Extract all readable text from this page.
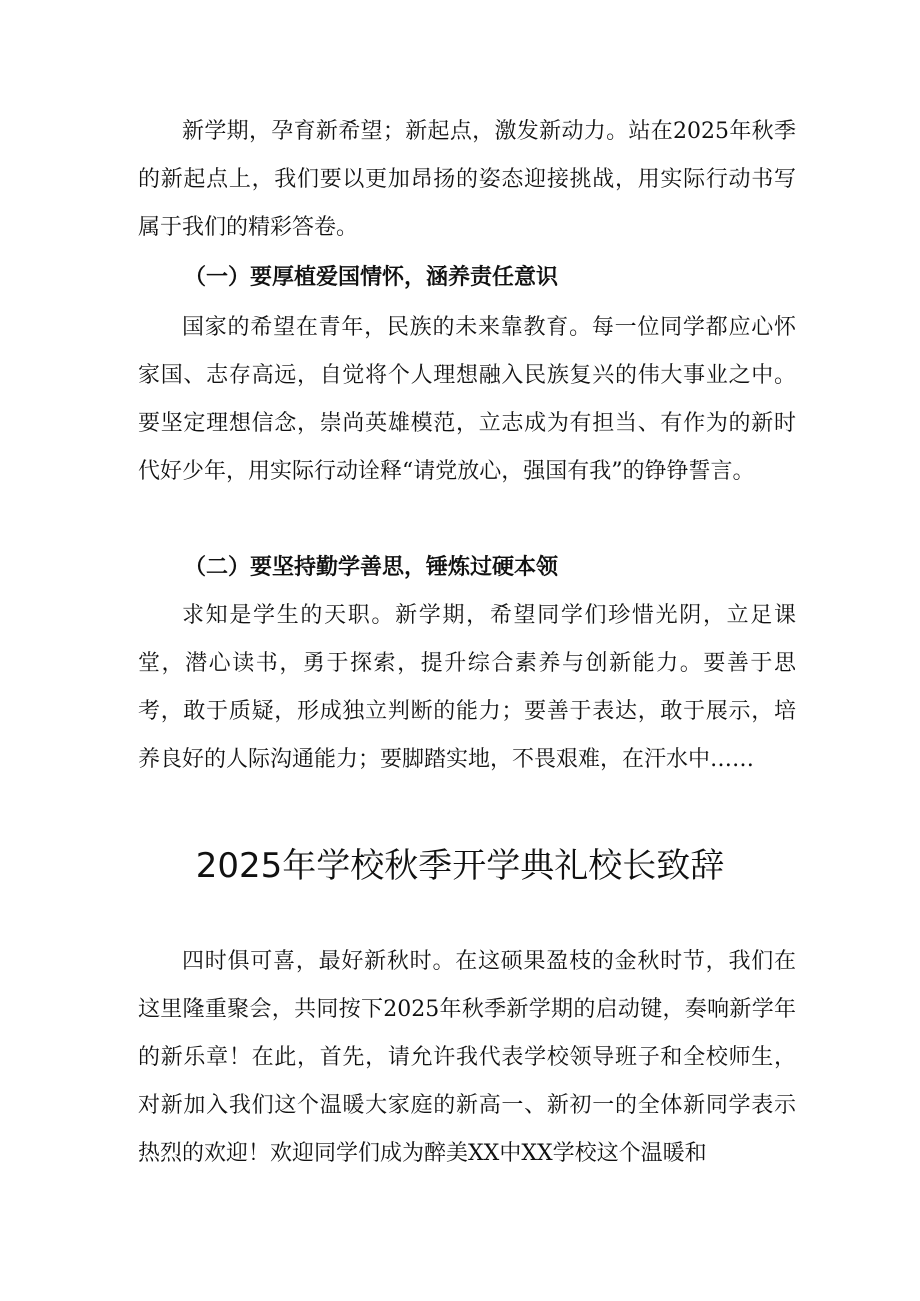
新学期，孕育新希望；新起点，激发新动力。站在2025年秋季的新起点上，我们要以更加昂扬的姿态迎接挑战，用实际行动书写属于我们的精彩答卷。

（一）要厚植爱国情怀，涵养责任意识

国家的希望在青年，民族的未来靠教育。每一位同学都应心怀家国、志存高远，自觉将个人理想融入民族复兴的伟大事业之中。要坚定理想信念，崇尚英雄模范，立志成为有担当、有作为的新时代好少年，用实际行动诠释“请党放心，强国有我”的铮铮誓言。

（二）要坚持勤学善思，锤炼过硬本领

求知是学生的天职。新学期，希望同学们珍惜光阴，立足课堂，潜心读书，勇于探索，提升综合素养与创新能力。要善于思考，敢于质疑，形成独立判断的能力；要善于表达，敢于展示，培养良好的人际沟通能力；要脚踏实地，不畏艰难，在汗水中……

2025年学校秋季开学典礼校长致辞

四时俱可喜，最好新秋时。在这硕果盈枝的金秋时节，我们在这里隆重聚会，共同按下2025年秋季新学期的启动键，奏响新学年的新乐章！在此，首先，请允许我代表学校领导班子和全校师生，对新加入我们这个温暖大家庭的新高一、新初一的全体新同学表示热烈的欢迎！欢迎同学们成为醉美XX中XX学校这个温暖和
